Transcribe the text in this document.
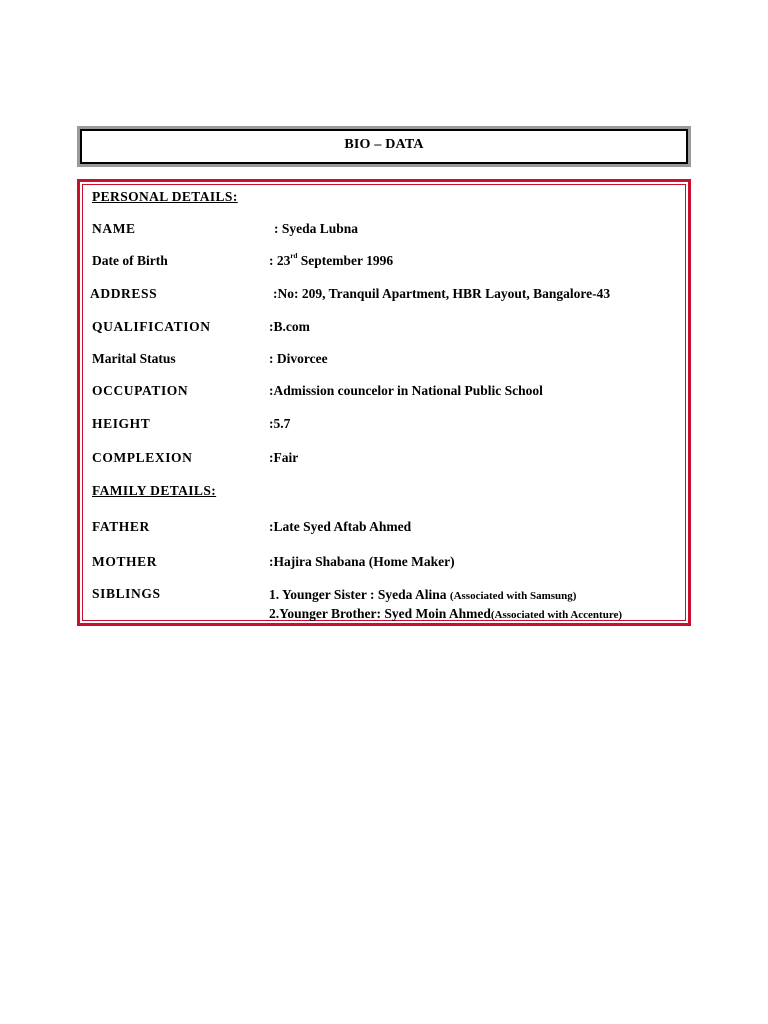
BIO – DATA
PERSONAL DETAILS:
NAME	: Syeda Lubna
Date of Birth	: 23rd September 1996
ADDRESS	:No: 209, Tranquil Apartment, HBR Layout, Bangalore-43
QUALIFICATION	:B.com
Marital Status	: Divorcee
OCCUPATION	:Admission councelor in National Public School
HEIGHT	:5.7
COMPLEXION	:Fair
FAMILY DETAILS:
FATHER	:Late Syed Aftab Ahmed
MOTHER	:Hajira Shabana (Home Maker)
SIBLINGS	1. Younger Sister : Syeda Alina (Associated with Samsung)
2.Younger Brother: Syed Moin Ahmed(Associated with Accenture)
